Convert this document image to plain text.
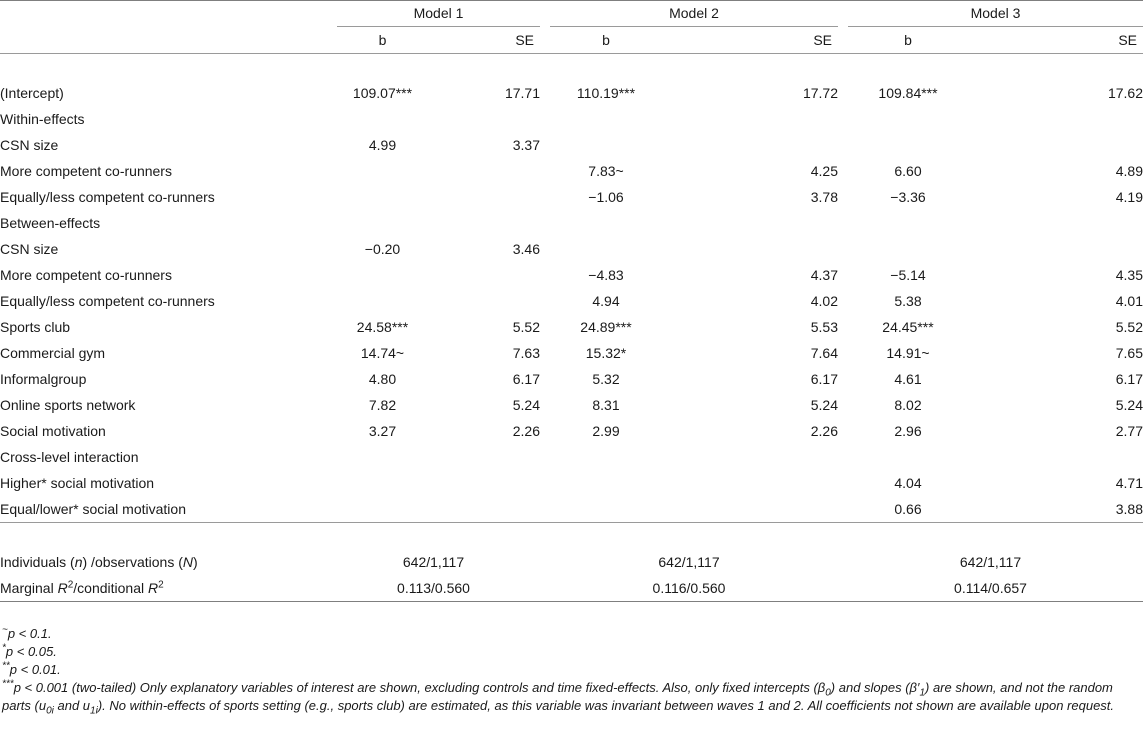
	Model 1		Model 2		Model 3	

	b	SE	b	SE	b	SE

(Intercept)	109.07***	17.71	110.19***	17.72	109.84***	17.62
Within-effects						
CSN size	4.99	3.37				
More competent co-runners			7.83~	4.25	6.60	4.89
Equally/less competent co-runners			−1.06	3.78	−3.36	4.19
Between-effects						
CSN size	−0.20	3.46				
More competent co-runners			−4.83	4.37	−5.14	4.35
Equally/less competent co-runners			4.94	4.02	5.38	4.01
Sports club	24.58***	5.52	24.89***	5.53	24.45***	5.52
Commercial gym	14.74~	7.63	15.32*	7.64	14.91~	7.65
Informalgroup	4.80	6.17	5.32	6.17	4.61	6.17
Online sports network	7.82	5.24	8.31	5.24	8.02	5.24
Social motivation	3.27	2.26	2.99	2.26	2.96	2.77
Cross-level interaction						
Higher* social motivation					4.04	4.71
Equal/lower* social motivation					0.66	3.88

Individuals (n) /observations (N)	642/1,117		642/1,117		642/1,117	
Marginal $R^2$/conditional $R^2$	0.113/0.560		0.116/0.560		0.114/0.657	

~p < 0.1.

*p < 0.05.

**p < 0.01.

***p < 0.001 (two-tailed) Only explanatory variables of interest are shown, excluding controls and time fixed-effects. Also, only fixed intercepts $(\beta_0)$ and slopes $(\beta'_1)$ are shown, and not the random parts ($u_{0i}$ and $u_{1i}$). No within-effects of sports setting (e.g., sports club) are estimated, as this variable was invariant between waves 1 and 2. All coefficients not shown are available upon request.
